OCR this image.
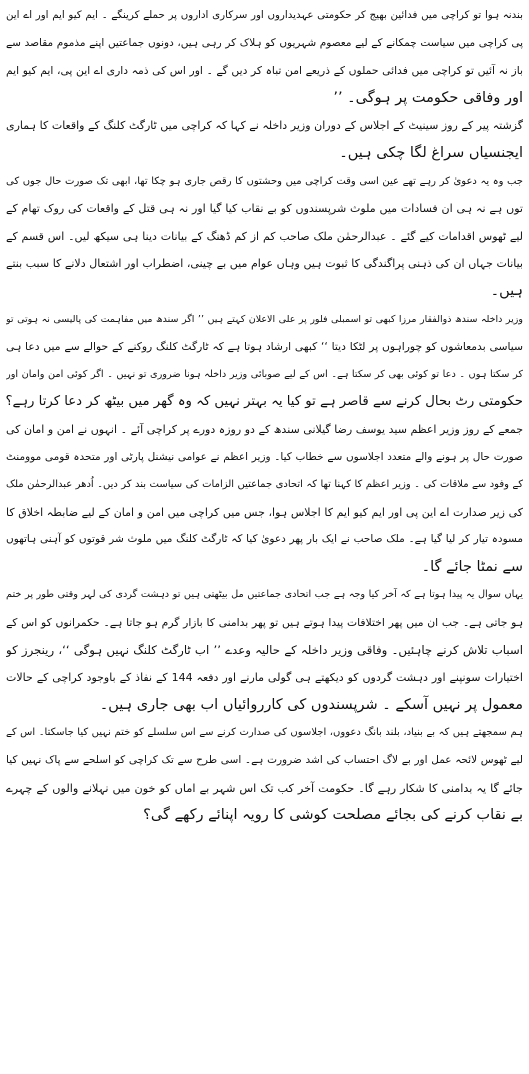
بندنہ ہوا تو کراچی میں فدائین بھیج کر حکومتی عہدیداروں اور سرکاری اداروں پر حملے کرینگے ۔ ایم کیو ایم اور اے این
پی کراچی میں سیاست چمکانے کے لیے معصوم شہریوں کو ہلاک کر رہی ہیں، دونوں جماعتیں اپنے مذموم مقاصد سے
باز نہ آئیں تو کراچی میں فدائی حملوں کے ذریعے امن تباہ کر دیں گے ۔ اور اس کی ذمہ داری اے این پی، ایم کیو ایم
اور وفاقی حکومت پر ہوگی۔ ’’
گزشتہ پیر کے روز سینیٹ کے اجلاس کے دوران وزیر داخلہ نے کہا کہ کراچی میں ٹارگٹ کلنگ کے واقعات کا ہماری
ایجنسیاں سراغ لگا چکی ہیں۔
جب وہ یہ دعویٰ کر رہے تھے عین اسی وقت کراچی میں وحشتوں کا رقص جاری ہو چکا تھا، ابھی تک صورت حال جوں کی
توں ہے نہ ہی ان فسادات میں ملوث شرپسندوں کو بے نقاب کیا گیا اور نہ ہی قتل کے واقعات کی روک تھام کے
لیے ٹھوس اقدامات کیے گئے ۔ عبدالرحمٰن ملک صاحب کم از کم ڈھنگ کے بیانات دینا ہی سیکھ لیں۔ اس قسم کے
بیانات جہاں ان کی ذہنی پراگندگی کا ثبوت ہیں وہاں عوام میں بے چینی، اضطراب اور اشتعال دلانے کا سبب بنتے
ہیں۔
وزیر داخلہ سندھ ذوالفقار مرزا کبھی تو اسمبلی فلور پر علی الاعلان کہتے ہیں ’’ اگر سندھ میں مفاہمت کی پالیسی نہ ہوتی تو
سیاسی بدمعاشوں کو چوراہوں پر لٹکا دیتا ‘‘ کبھی ارشاد ہوتا ہے کہ ٹارگٹ کلنگ روکنے کے حوالے سے میں دعا ہی
کر سکتا ہوں ۔ دعا تو کوئی بھی کر سکتا ہے۔ اس کے لیے صوبائی وزیر داخلہ ہونا ضروری تو نہیں ۔ اگر کوئی امن وامان اور
حکومتی رٹ بحال کرنے سے قاصر ہے تو کیا یہ بہتر نہیں کہ وہ گھر میں بیٹھ کر دعا کرتا رہے؟
جمعے کے روز وزیر اعظم سید یوسف رضا گیلانی سندھ کے دو روزہ دورے پر کراچی آئے ۔ انہوں نے امن و امان کی
صورت حال پر ہونے والے متعدد اجلاسوں سے خطاب کیا۔ وزیر اعظم نے عوامی نیشنل پارٹی اور متحدہ قومی موومنٹ
کے وفود سے ملاقات کی ۔ وزیر اعظم کا کہنا تھا کہ اتحادی جماعتیں الزامات کی سیاست بند کر دیں۔ اُدھر عبدالرحمٰن ملک
کی زیر صدارت اے این پی اور ایم کیو ایم کا اجلاس ہوا، جس میں کراچی میں امن و امان کے لیے ضابطہ اخلاق کا
مسودہ تیار کر لیا گیا ہے۔ ملک صاحب نے ایک بار پھر دعویٰ کیا کہ ٹارگٹ کلنگ میں ملوث شر قوتوں کو آہنی ہاتھوں
سے نمٹا جائے گا۔
یہاں سوال یہ پیدا ہوتا ہے کہ آخر کیا وجہ ہے جب اتحادی جماعتیں مل بیٹھتی ہیں تو دہشت گردی کی لہر وقتی طور پر ختم
ہو جاتی ہے۔ جب ان میں پھر اختلافات پیدا ہوتے ہیں تو پھر بدامنی کا بازار گرم ہو جاتا ہے۔ حکمرانوں کو اس کے
اسباب تلاش کرنے چاہئیں۔ وفاقی وزیر داخلہ کے حالیہ وعدے ’’ اب ٹارگٹ کلنگ نہیں ہوگی ‘‘، رینجرز کو
اختیارات سونپنے اور دہشت گردوں کو دیکھتے ہی گولی مارنے اور دفعہ 144 کے نفاذ کے باوجود کراچی کے حالات
معمول پر نہیں آسکے ۔ شرپسندوں کی کارروائیاں اب بھی جاری ہیں۔
ہم سمجھتے ہیں کہ بے بنیاد، بلند بانگ دعووں، اجلاسوں کی صدارت کرنے سے اس سلسلے کو ختم نہیں کیا جاسکتا۔ اس کے
لیے ٹھوس لائحہ عمل اور بے لاگ احتساب کی اشد ضرورت ہے۔ اسی طرح سے تک کراچی کو اسلحے سے پاک نہیں کیا
جائے گا یہ بدامنی کا شکار رہے گا۔ حکومت آخر کب تک اس شہر بے اماں کو خون میں نہلانے والوں کے چہرے
بے نقاب کرنے کی بجائے مصلحت کوشی کا رویہ اپنائے رکھے گی؟
